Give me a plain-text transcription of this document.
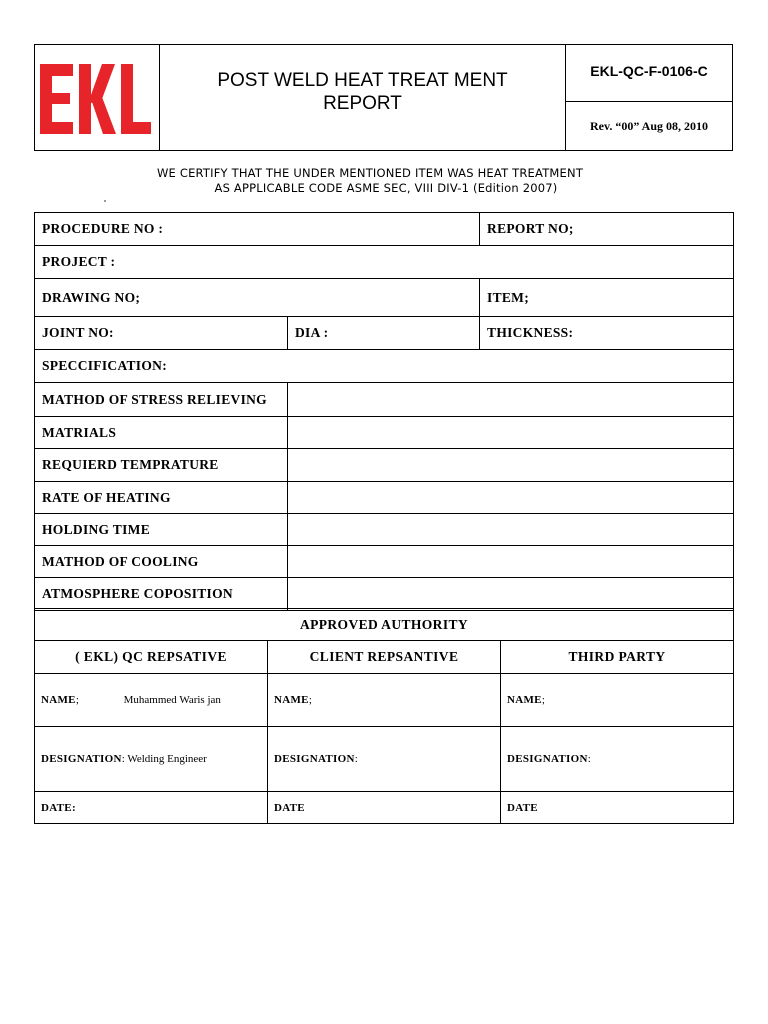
POST WELD HEAT TREAT MENT
REPORT
EKL-QC-F-0106-C
Rev. “00” Aug 08, 2010
WE CERTIFY THAT THE UNDER MENTIONED ITEM WAS HEAT TREATMENT
AS APPLICABLE CODE ASME SEC, VIII DIV-1 (Edition 2007)
PROCEDURE NO :		REPORT NO;
PROJECT :		
DRAWING NO;		ITEM;
JOINT NO:	DIA :	THICKNESS:
SPECCIFICATION:		
MATHOD OF STRESS RELIEVING		
MATRIALS		
REQUIERD TEMPRATURE		
RATE OF HEATING		
HOLDING TIME		
MATHOD OF COOLING		
ATMOSPHERE COPOSITION		
APPROVED AUTHORITY		
( EKL) QC REPSATIVE	CLIENT REPSANTIVE	THIRD PARTY
NAME; Muhammed Waris jan	NAME;	NAME;
DESIGNATION: Welding Engineer	DESIGNATION:	DESIGNATION:
DATE:	DATE	DATE
